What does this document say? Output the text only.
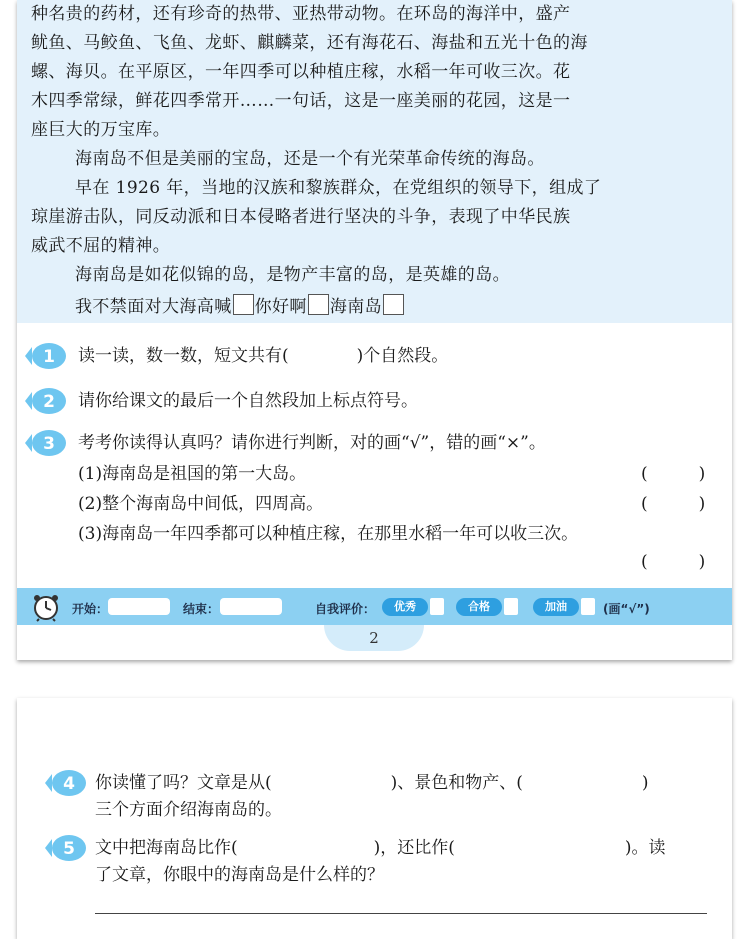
种名贵的药材，还有珍奇的热带、亚热带动物。在环岛的海洋中，盛产
鱿鱼、马鲛鱼、飞鱼、龙虾、麒麟菜，还有海花石、海盐和五光十色的海
螺、海贝。在平原区，一年四季可以种植庄稼，水稻一年可收三次。花
木四季常绿，鲜花四季常开……一句话，这是一座美丽的花园，这是一
座巨大的万宝库。
海南岛不但是美丽的宝岛，还是一个有光荣革命传统的海岛。
早在 1926 年，当地的汉族和黎族群众，在党组织的领导下，组成了
琼崖游击队，同反动派和日本侵略者进行坚决的斗争，表现了中华民族
威武不屈的精神。
海南岛是如花似锦的岛，是物产丰富的岛，是英雄的岛。
我不禁面对大海高喊 你好啊 海南岛
1 读一读，数一数，短文共有(　　　　)个自然段。
2 请你给课文的最后一个自然段加上标点符号。
3 考考你读得认真吗？请你进行判断，对的画“√”，错的画“×”。
(1)海南岛是祖国的第一大岛。	(　　　)
(2)整个海南岛中间低，四周高。	(　　　)
(3)海南岛一年四季都可以种植庄稼，在那里水稻一年可以收三次。
(　　　)
开始：	结束：	自我评价：	优秀	合格	加油	(画“√”)
2
4 你读懂了吗？文章是从(　　　　　　　)、景色和物产、(　　　　　　　)
三个方面介绍海南岛的。
5 文中把海南岛比作(　　　　　　　　)，还比作(　　　　　　　　　　)。读
了文章，你眼中的海南岛是什么样的？
